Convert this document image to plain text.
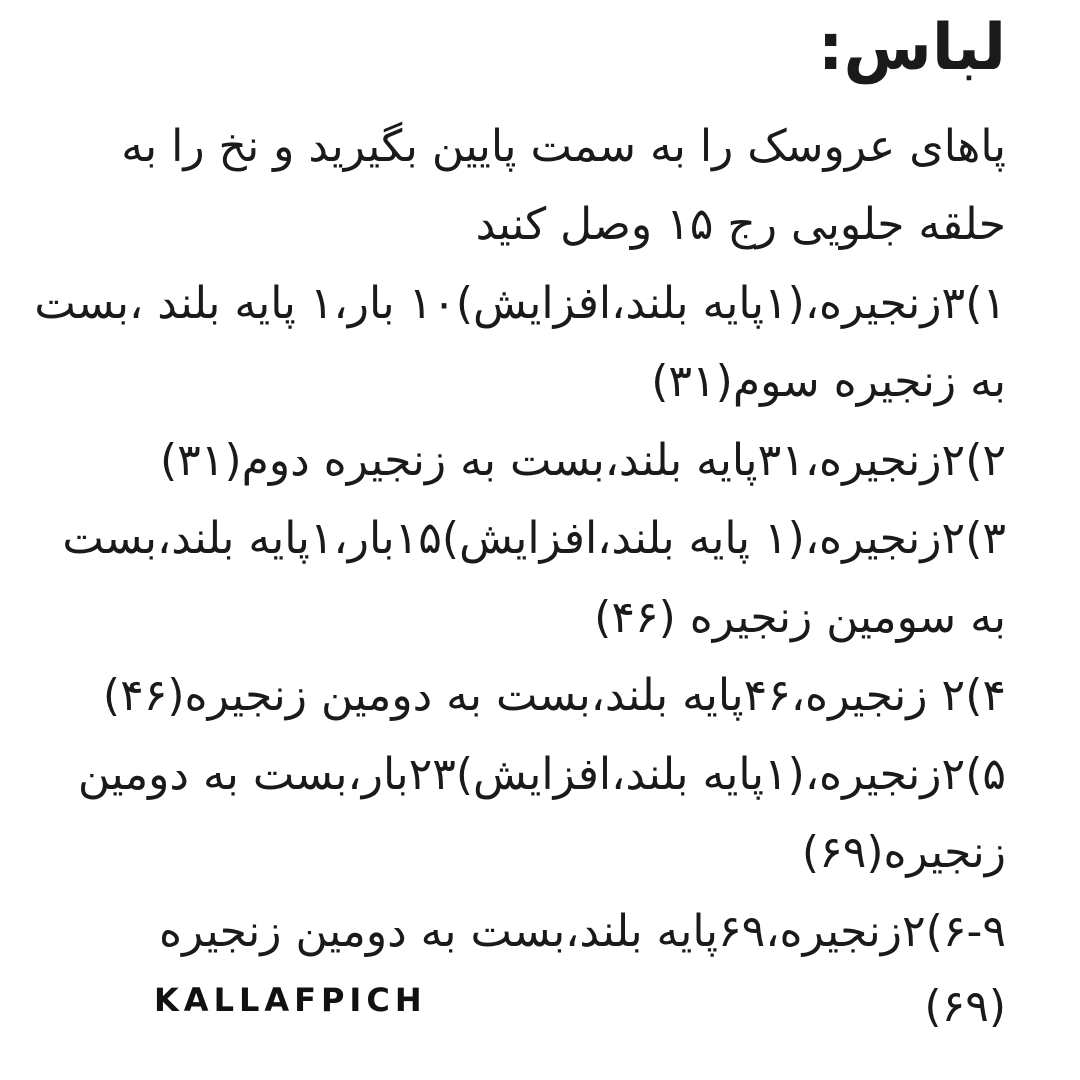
لباس:
پاهای عروسک را به سمت پایین بگیرید و نخ را به
حلقه جلویی رج ۱۵ وصل کنید
۱)۳زنجیره،(۱پایه بلند،افزایش)۱۰ بار،۱ پایه بلند ،بست
به زنجیره سوم(۳۱)
۲)۲زنجیره،۳۱پایه بلند،بست به زنجیره دوم(۳۱)
۳)۲زنجیره،(۱ پایه بلند،افزایش)۱۵بار،۱پایه بلند،بست
به سومین زنجیره (۴۶)
۴)۲ زنجیره،۴۶پایه بلند،بست به دومین زنجیره(۴۶)
۵)۲زنجیره،(۱پایه بلند،افزایش)۲۳بار،بست به دومین
زنجیره(۶۹)
۶-۹)۲زنجیره،۶۹پایه بلند،بست به دومین زنجیره
(۶۹)
KALLAFPICH
